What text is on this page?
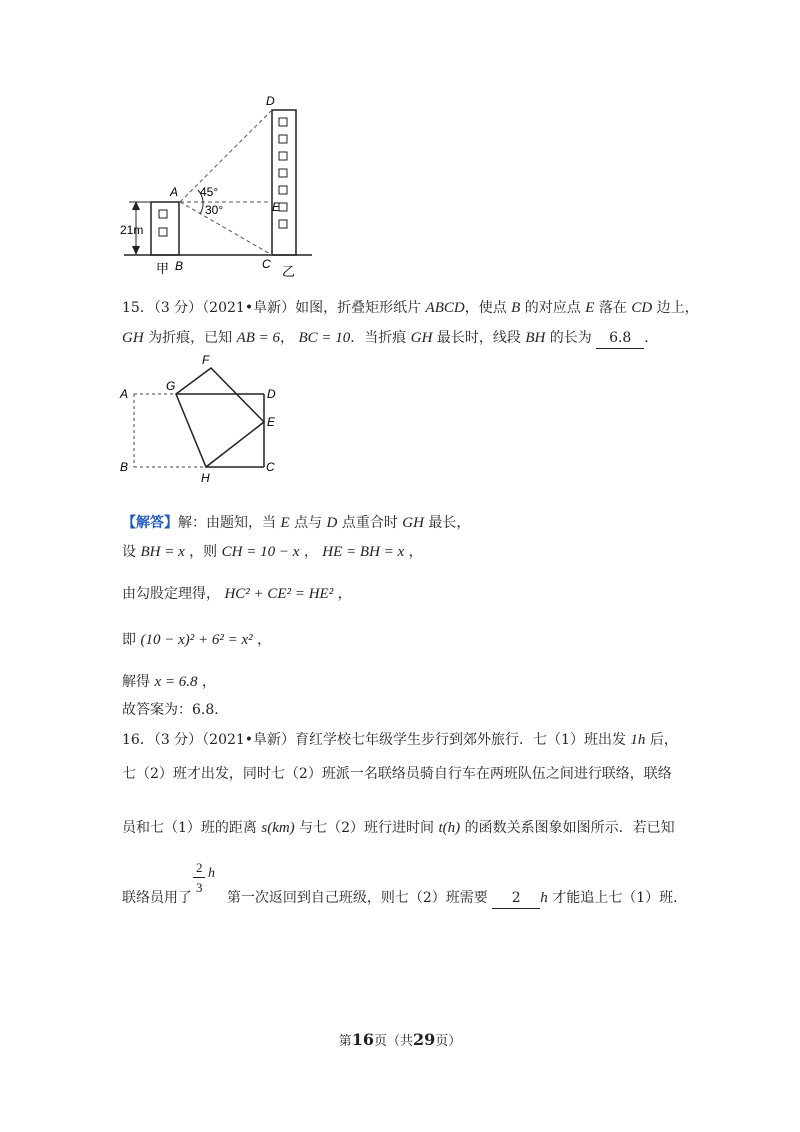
D
A 45°
30°	E
21m
B	C
甲	乙
15．（3 分）（2021•阜新）如图，折叠矩形纸片 ABCD，使点 B 的对应点 E 落在 CD 边上，
GH 为折痕，已知 AB = 6， BC = 10．当折痕 GH 最长时，线段 BH 的长为 6.8 ．
A
G
F
D
E
B
H
C
【解答】解：由题知，当 E 点与 D 点重合时 GH 最长，
设 BH = x ，则 CH = 10 − x ， HE = BH = x ，
由勾股定理得， HC² + CE² = HE² ，
即 (10 − x)² + 6² = x² ，
解得 x = 6.8 ，
故答案为：6.8．
16．（3 分）（2021•阜新）育红学校七年级学生步行到郊外旅行．七（1）班出发 1h 后，
七（2）班才出发，同时七（2）班派一名联络员骑自行车在两班队伍之间进行联络，联络
员和七（1）班的距离 s(km) 与七（2）班行进时间 t(h) 的函数关系图象如图所示．若已知
2
3
h
联络员用了  第一次返回到自己班级，则七（2）班需要 2 h 才能追上七（1）班．
第16页（共29页）
